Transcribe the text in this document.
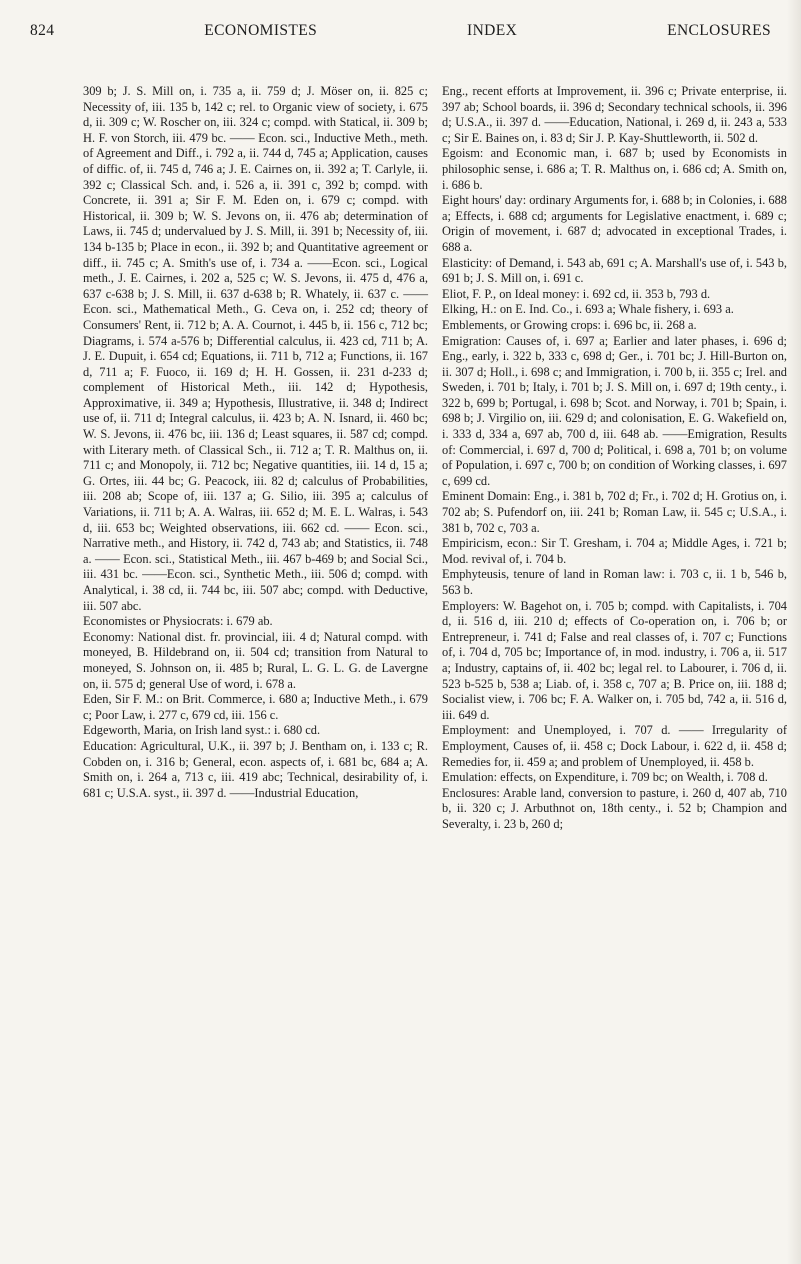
824	ECONOMISTES	INDEX	ENCLOSURES

309 b; J. S. Mill on, i. 735 a, ii. 759 d; J. Möser on, ii. 825 c; Necessity of, iii. 135 b, 142 c; rel. to Organic view of society, i. 675 d, ii. 309 c; W. Roscher on, iii. 324 c; compd. with Statical, ii. 309 b; H. F. von Storch, iii. 479 bc. —— Econ. sci., Inductive Meth., meth. of Agreement and Diff., i. 792 a, ii. 744 d, 745 a; Application, causes of diffic. of, ii. 745 d, 746 a; J. E. Cairnes on, ii. 392 a; T. Carlyle, ii. 392 c; Classical Sch. and, i. 526 a, ii. 391 c, 392 b; compd. with Concrete, ii. 391 a; Sir F. M. Eden on, i. 679 c; compd. with Historical, ii. 309 b; W. S. Jevons on, ii. 476 ab; determination of Laws, ii. 745 d; undervalued by J. S. Mill, ii. 391 b; Necessity of, iii. 134 b-135 b; Place in econ., ii. 392 b; and Quantitative agreement or diff., ii. 745 c; A. Smith's use of, i. 734 a. ——Econ. sci., Logical meth., J. E. Cairnes, i. 202 a, 525 c; W. S. Jevons, ii. 475 d, 476 a, 637 c-638 b; J. S. Mill, ii. 637 d-638 b; R. Whately, ii. 637 c. ——Econ. sci., Mathematical Meth., G. Ceva on, i. 252 cd; theory of Consumers' Rent, ii. 712 b; A. A. Cournot, i. 445 b, ii. 156 c, 712 bc; Diagrams, i. 574 a-576 b; Differential calculus, ii. 423 cd, 711 b; A. J. E. Dupuit, i. 654 cd; Equations, ii. 711 b, 712 a; Functions, ii. 167 d, 711 a; F. Fuoco, ii. 169 d; H. H. Gossen, ii. 231 d-233 d; complement of Historical Meth., iii. 142 d; Hypothesis, Approximative, ii. 349 a; Hypothesis, Illustrative, ii. 348 d; Indirect use of, ii. 711 d; Integral calculus, ii. 423 b; A. N. Isnard, ii. 460 bc; W. S. Jevons, ii. 476 bc, iii. 136 d; Least squares, ii. 587 cd; compd. with Literary meth. of Classical Sch., ii. 712 a; T. R. Malthus on, ii. 711 c; and Monopoly, ii. 712 bc; Negative quantities, iii. 14 d, 15 a; G. Ortes, iii. 44 bc; G. Peacock, iii. 82 d; calculus of Probabilities, iii. 208 ab; Scope of, iii. 137 a; G. Silio, iii. 395 a; calculus of Variations, ii. 711 b; A. A. Walras, iii. 652 d; M. E. L. Walras, i. 543 d, iii. 653 bc; Weighted observations, iii. 662 cd. —— Econ. sci., Narrative meth., and History, ii. 742 d, 743 ab; and Statistics, ii. 748 a. —— Econ. sci., Statistical Meth., iii. 467 b-469 b; and Social Sci., iii. 431 bc. ——Econ. sci., Synthetic Meth., iii. 506 d; compd. with Analytical, i. 38 cd, ii. 744 bc, iii. 507 abc; compd. with Deductive, iii. 507 abc.

Economistes or Physiocrats: i. 679 ab.

Economy: National dist. fr. provincial, iii. 4 d; Natural compd. with moneyed, B. Hildebrand on, ii. 504 cd; transition from Natural to moneyed, S. Johnson on, ii. 485 b; Rural, L. G. L. G. de Lavergne on, ii. 575 d; general Use of word, i. 678 a.

Eden, Sir F. M.: on Brit. Commerce, i. 680 a; Inductive Meth., i. 679 c; Poor Law, i. 277 c, 679 cd, iii. 156 c.

Edgeworth, Maria, on Irish land syst.: i. 680 cd.

Education: Agricultural, U.K., ii. 397 b; J. Bentham on, i. 133 c; R. Cobden on, i. 316 b; General, econ. aspects of, i. 681 bc, 684 a; A. Smith on, i. 264 a, 713 c, iii. 419 abc; Technical, desirability of, i. 681 c; U.S.A. syst., ii. 397 d. ——Industrial Education,

Eng., recent efforts at Improvement, ii. 396 c; Private enterprise, ii. 397 ab; School boards, ii. 396 d; Secondary technical schools, ii. 396 d; U.S.A., ii. 397 d. ——Education, National, i. 269 d, ii. 243 a, 533 c; Sir E. Baines on, i. 83 d; Sir J. P. Kay-Shuttleworth, ii. 502 d.

Egoism: and Economic man, i. 687 b; used by Economists in philosophic sense, i. 686 a; T. R. Malthus on, i. 686 cd; A. Smith on, i. 686 b.

Eight hours' day: ordinary Arguments for, i. 688 b; in Colonies, i. 688 a; Effects, i. 688 cd; arguments for Legislative enactment, i. 689 c; Origin of movement, i. 687 d; advocated in exceptional Trades, i. 688 a.

Elasticity: of Demand, i. 543 ab, 691 c; A. Marshall's use of, i. 543 b, 691 b; J. S. Mill on, i. 691 c.

Eliot, F. P., on Ideal money: i. 692 cd, ii. 353 b, 793 d.

Elking, H.: on E. Ind. Co., i. 693 a; Whale fishery, i. 693 a.

Emblements, or Growing crops: i. 696 bc, ii. 268 a.

Emigration: Causes of, i. 697 a; Earlier and later phases, i. 696 d; Eng., early, i. 322 b, 333 c, 698 d; Ger., i. 701 bc; J. Hill-Burton on, ii. 307 d; Holl., i. 698 c; and Immigration, i. 700 b, ii. 355 c; Irel. and Sweden, i. 701 b; Italy, i. 701 b; J. S. Mill on, i. 697 d; 19th centy., i. 322 b, 699 b; Portugal, i. 698 b; Scot. and Norway, i. 701 b; Spain, i. 698 b; J. Virgilio on, iii. 629 d; and colonisation, E. G. Wakefield on, i. 333 d, 334 a, 697 ab, 700 d, iii. 648 ab. ——Emigration, Results of: Commercial, i. 697 d, 700 d; Political, i. 698 a, 701 b; on volume of Population, i. 697 c, 700 b; on condition of Working classes, i. 697 c, 699 cd.

Eminent Domain: Eng., i. 381 b, 702 d; Fr., i. 702 d; H. Grotius on, i. 702 ab; S. Pufendorf on, iii. 241 b; Roman Law, ii. 545 c; U.S.A., i. 381 b, 702 c, 703 a.

Empiricism, econ.: Sir T. Gresham, i. 704 a; Middle Ages, i. 721 b; Mod. revival of, i. 704 b.

Emphyteusis, tenure of land in Roman law: i. 703 c, ii. 1 b, 546 b, 563 b.

Employers: W. Bagehot on, i. 705 b; compd. with Capitalists, i. 704 d, ii. 516 d, iii. 210 d; effects of Co-operation on, i. 706 b; or Entrepreneur, i. 741 d; False and real classes of, i. 707 c; Functions of, i. 704 d, 705 bc; Importance of, in mod. industry, i. 706 a, ii. 517 a; Industry, captains of, ii. 402 bc; legal rel. to Labourer, i. 706 d, ii. 523 b-525 b, 538 a; Liab. of, i. 358 c, 707 a; B. Price on, iii. 188 d; Socialist view, i. 706 bc; F. A. Walker on, i. 705 bd, 742 a, ii. 516 d, iii. 649 d.

Employment: and Unemployed, i. 707 d. —— Irregularity of Employment, Causes of, ii. 458 c; Dock Labour, i. 622 d, ii. 458 d; Remedies for, ii. 459 a; and problem of Unemployed, ii. 458 b.

Emulation: effects, on Expenditure, i. 709 bc; on Wealth, i. 708 d.

Enclosures: Arable land, conversion to pasture, i. 260 d, 407 ab, 710 b, ii. 320 c; J. Arbuthnot on, 18th centy., i. 52 b; Champion and Severalty, i. 23 b, 260 d;
